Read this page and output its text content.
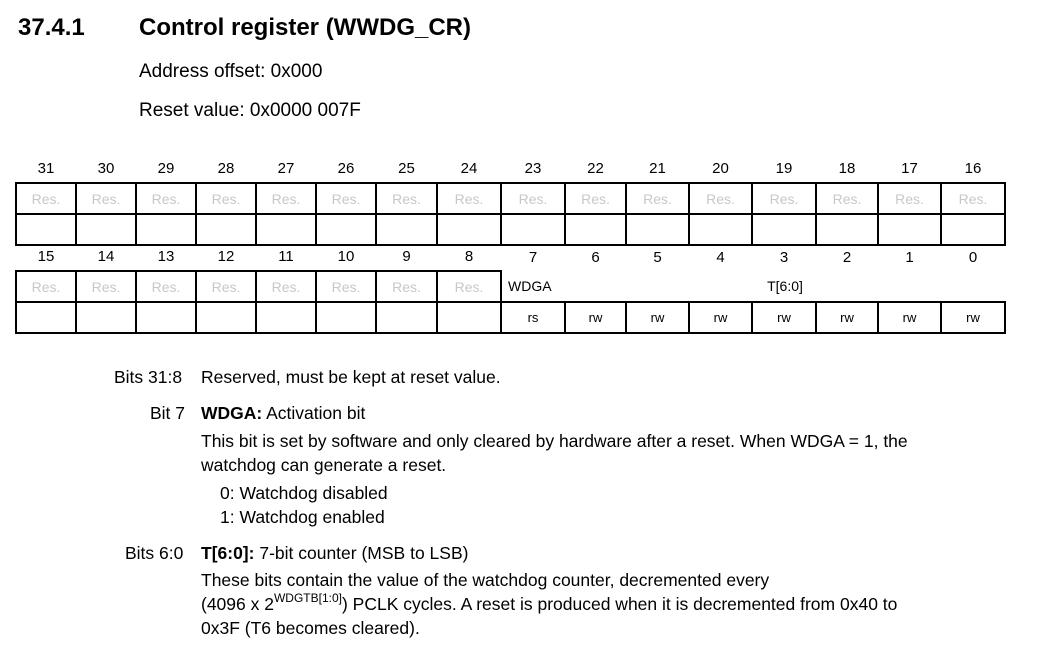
37.4.1 Control register (WWDG_CR)
Address offset: 0x000
Reset value: 0x0000 007F
31	30	29	28	27	26	25	24	23	22	21	20	19	18	17	16
Res.	Res.	Res.	Res.	Res.	Res.	Res.	Res.	Res.	Res.	Res.	Res.	Res.	Res.	Res.	Res.

15	14	13	12	11	10	9	8	7	6	5	4	3	2	1	0
Res.	Res.	Res.	Res.	Res.	Res.	Res.	Res.	WDGA	T[6:0]						
								rs	rw	rw	rw	rw	rw	rw	rw
Bits 31:8 Reserved, must be kept at reset value.
Bit 7 WDGA: Activation bit
This bit is set by software and only cleared by hardware after a reset. When WDGA = 1, the
watchdog can generate a reset.
0: Watchdog disabled
1: Watchdog enabled
Bits 6:0 T[6:0]: 7-bit counter (MSB to LSB)
These bits contain the value of the watchdog counter, decremented every
(4096 x $2^{WDGTB[1:0]}$) PCLK cycles. A reset is produced when it is decremented from 0x40 to
0x3F (T6 becomes cleared).
